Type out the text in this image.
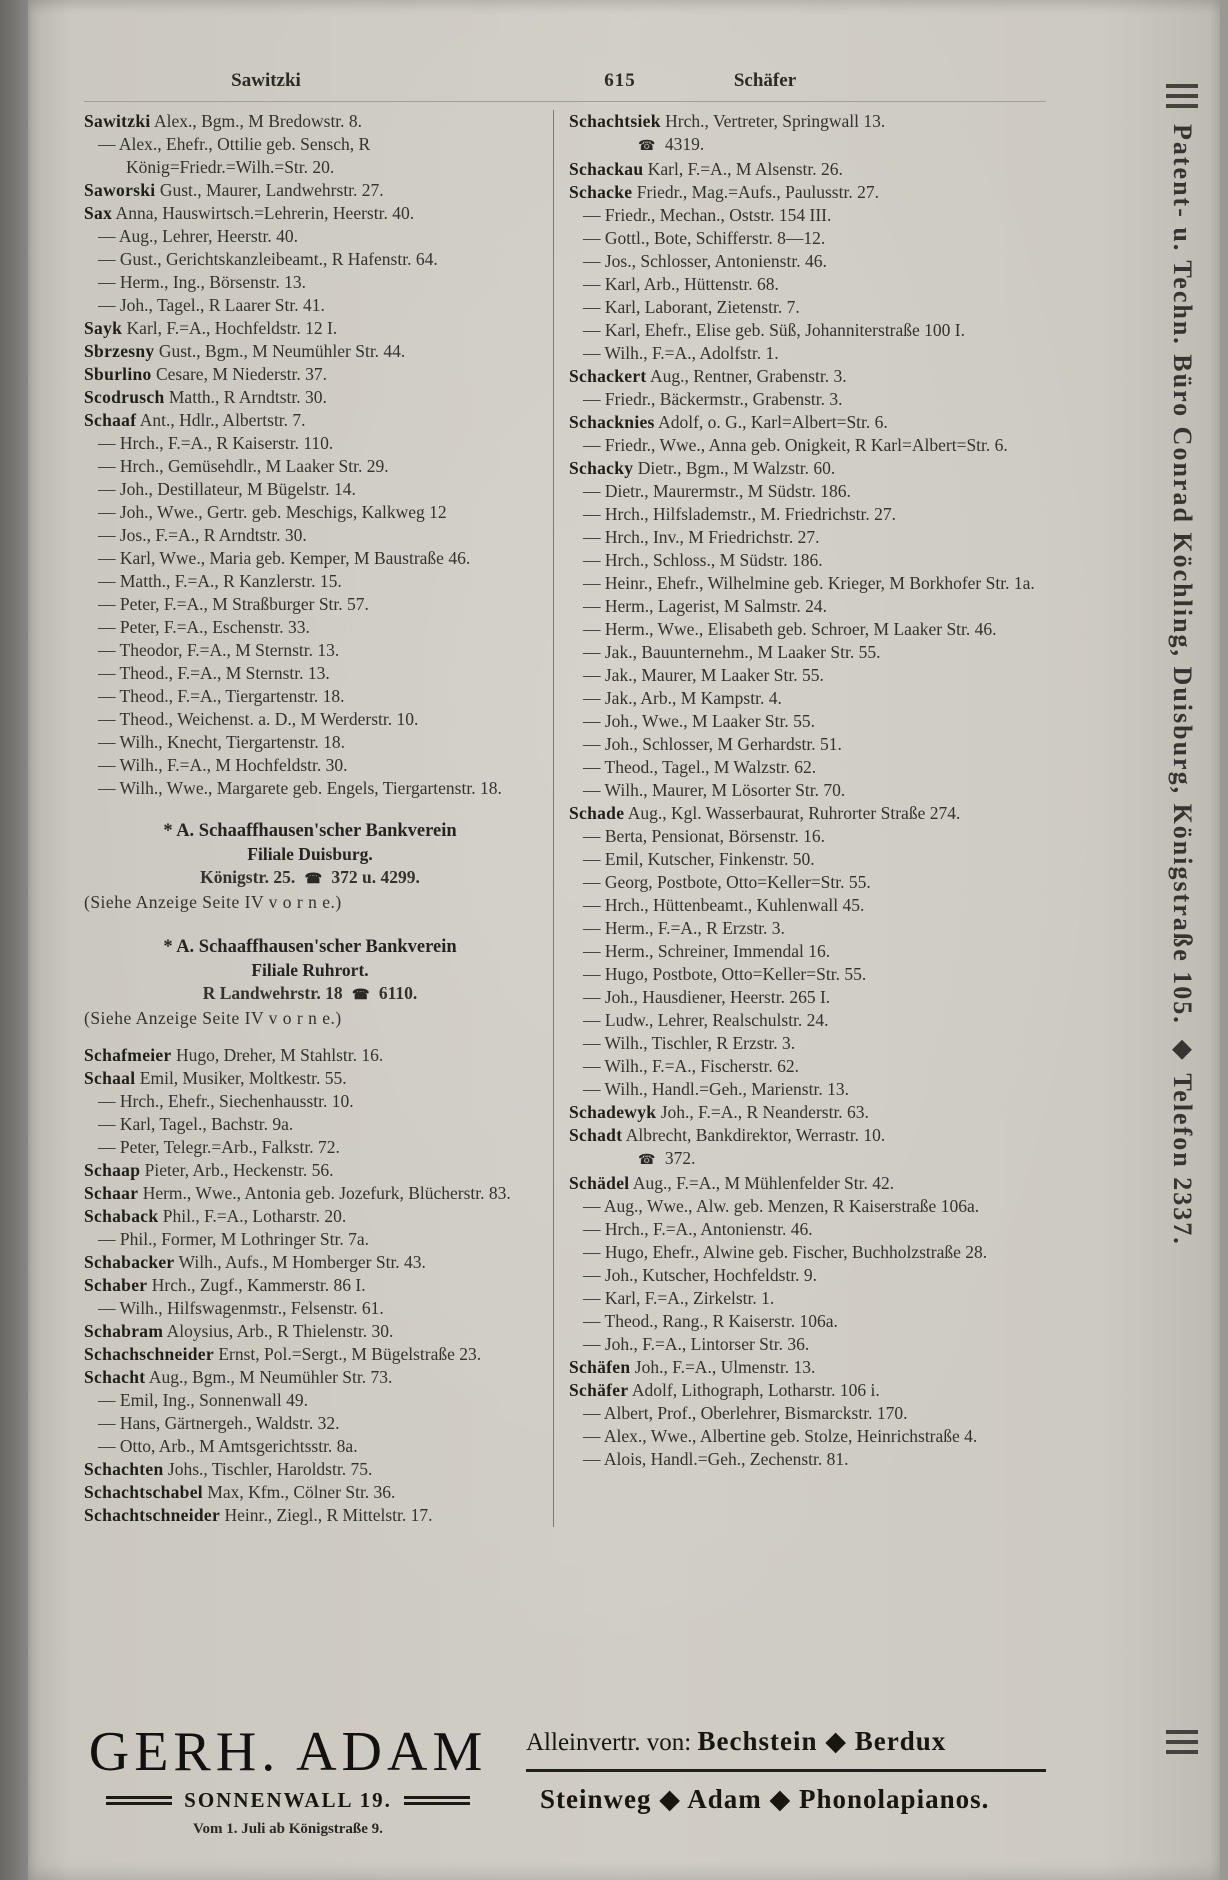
Sawitzki	615	Schäfer
Sawitzki Alex., Bgm., M Bredowstr. 8.
— Alex., Ehefr., Ottilie geb. Sensch, R König=Friedr.=Wilh.=Str. 20.
Saworski Gust., Maurer, Landwehrstr. 27.
Sax Anna, Hauswirtsch.=Lehrerin, Heerstr. 40.
— Aug., Lehrer, Heerstr. 40.
— Gust., Gerichtskanzleibeamt., R Hafenstr. 64.
— Herm., Ing., Börsenstr. 13.
— Joh., Tagel., R Laarer Str. 41.
Sayk Karl, F.=A., Hochfeldstr. 12 I.
Sbrzesny Gust., Bgm., M Neumühler Str. 44.
Sburlino Cesare, M Niederstr. 37.
Scodrusch Matth., R Arndtstr. 30.
Schaaf Ant., Hdlr., Albertstr. 7.
— Hrch., F.=A., R Kaiserstr. 110.
— Hrch., Gemüsehdlr., M Laaker Str. 29.
— Joh., Destillateur, M Bügelstr. 14.
— Joh., Wwe., Gertr. geb. Meschigs, Kalkweg 12
— Jos., F.=A., R Arndtstr. 30.
— Karl, Wwe., Maria geb. Kemper, M Baustraße 46.
— Matth., F.=A., R Kanzlerstr. 15.
— Peter, F.=A., M Straßburger Str. 57.
— Peter, F.=A., Eschenstr. 33.
— Theodor, F.=A., M Sternstr. 13.
— Theod., F.=A., M Sternstr. 13.
— Theod., F.=A., Tiergartenstr. 18.
— Theod., Weichenst. a. D., M Werderstr. 10.
— Wilh., Knecht, Tiergartenstr. 18.
— Wilh., F.=A., M Hochfeldstr. 30.
— Wilh., Wwe., Margarete geb. Engels, Tiergartenstr. 18.
* A. Schaaffhausen'scher Bankverein
Filiale Duisburg.
Königstr. 25. ☎ 372 u. 4299.
(Siehe Anzeige Seite IV v o r n e.)
* A. Schaaffhausen'scher Bankverein
Filiale Ruhrort.
R Landwehrstr. 18 ☎ 6110.
(Siehe Anzeige Seite IV v o r n e.)
Schafmeier Hugo, Dreher, M Stahlstr. 16.
Schaal Emil, Musiker, Moltkestr. 55.
— Hrch., Ehefr., Siechenhausstr. 10.
— Karl, Tagel., Bachstr. 9a.
— Peter, Telegr.=Arb., Falkstr. 72.
Schaap Pieter, Arb., Heckenstr. 56.
Schaar Herm., Wwe., Antonia geb. Jozefurk, Blücherstr. 83.
Schaback Phil., F.=A., Lotharstr. 20.
— Phil., Former, M Lothringer Str. 7a.
Schabacker Wilh., Aufs., M Homberger Str. 43.
Schaber Hrch., Zugf., Kammerstr. 86 I.
— Wilh., Hilfswagenmstr., Felsenstr. 61.
Schabram Aloysius, Arb., R Thielenstr. 30.
Schachschneider Ernst, Pol.=Sergt., M Bügelstraße 23.
Schacht Aug., Bgm., M Neumühler Str. 73.
— Emil, Ing., Sonnenwall 49.
— Hans, Gärtnergeh., Waldstr. 32.
— Otto, Arb., M Amtsgerichtsstr. 8a.
Schachten Johs., Tischler, Haroldstr. 75.
Schachtschabel Max, Kfm., Cölner Str. 36.
Schachtschneider Heinr., Ziegl., R Mittelstr. 17.
Schachtsiek Hrch., Vertreter, Springwall 13.
☎ 4319.
Schackau Karl, F.=A., M Alsenstr. 26.
Schacke Friedr., Mag.=Aufs., Paulusstr. 27.
— Friedr., Mechan., Oststr. 154 III.
— Gottl., Bote, Schifferstr. 8—12.
— Jos., Schlosser, Antonienstr. 46.
— Karl, Arb., Hüttenstr. 68.
— Karl, Laborant, Zietenstr. 7.
— Karl, Ehefr., Elise geb. Süß, Johanniterstraße 100 I.
— Wilh., F.=A., Adolfstr. 1.
Schackert Aug., Rentner, Grabenstr. 3.
— Friedr., Bäckermstr., Grabenstr. 3.
Schacknies Adolf, o. G., Karl=Albert=Str. 6.
— Friedr., Wwe., Anna geb. Onigkeit, R Karl=Albert=Str. 6.
Schacky Dietr., Bgm., M Walzstr. 60.
— Dietr., Maurermstr., M Südstr. 186.
— Hrch., Hilfslademstr., M. Friedrichstr. 27.
— Hrch., Inv., M Friedrichstr. 27.
— Hrch., Schloss., M Südstr. 186.
— Heinr., Ehefr., Wilhelmine geb. Krieger, M Borkhofer Str. 1a.
— Herm., Lagerist, M Salmstr. 24.
— Herm., Wwe., Elisabeth geb. Schroer, M Laaker Str. 46.
— Jak., Bauunternehm., M Laaker Str. 55.
— Jak., Maurer, M Laaker Str. 55.
— Jak., Arb., M Kampstr. 4.
— Joh., Wwe., M Laaker Str. 55.
— Joh., Schlosser, M Gerhardstr. 51.
— Theod., Tagel., M Walzstr. 62.
— Wilh., Maurer, M Lösorter Str. 70.
Schade Aug., Kgl. Wasserbaurat, Ruhrorter Straße 274.
— Berta, Pensionat, Börsenstr. 16.
— Emil, Kutscher, Finkenstr. 50.
— Georg, Postbote, Otto=Keller=Str. 55.
— Hrch., Hüttenbeamt., Kuhlenwall 45.
— Herm., F.=A., R Erzstr. 3.
— Herm., Schreiner, Immendal 16.
— Hugo, Postbote, Otto=Keller=Str. 55.
— Joh., Hausdiener, Heerstr. 265 I.
— Ludw., Lehrer, Realschulstr. 24.
— Wilh., Tischler, R Erzstr. 3.
— Wilh., F.=A., Fischerstr. 62.
— Wilh., Handl.=Geh., Marienstr. 13.
Schadewyk Joh., F.=A., R Neanderstr. 63.
Schadt Albrecht, Bankdirektor, Werrastr. 10.
☎ 372.
Schädel Aug., F.=A., M Mühlenfelder Str. 42.
— Aug., Wwe., Alw. geb. Menzen, R Kaiserstraße 106a.
— Hrch., F.=A., Antonienstr. 46.
— Hugo, Ehefr., Alwine geb. Fischer, Buchholzstraße 28.
— Joh., Kutscher, Hochfeldstr. 9.
— Karl, F.=A., Zirkelstr. 1.
— Theod., Rang., R Kaiserstr. 106a.
— Joh., F.=A., Lintorser Str. 36.
Schäfen Joh., F.=A., Ulmenstr. 13.
Schäfer Adolf, Lithograph, Lotharstr. 106 i.
— Albert, Prof., Oberlehrer, Bismarckstr. 170.
— Alex., Wwe., Albertine geb. Stolze, Heinrichstraße 4.
— Alois, Handl.=Geh., Zechenstr. 81.
GERH. ADAM
SONNENWALL 19.
Vom 1. Juli ab Königstraße 9.
Alleinvertr. von: Bechstein ◆ Berdux
Steinweg ◆ Adam ◆ Phonolapianos.
Patent- u. Techn. Büro Conrad Köchling, Duisburg, Königstraße 105. ◆ Telefon 2337.
